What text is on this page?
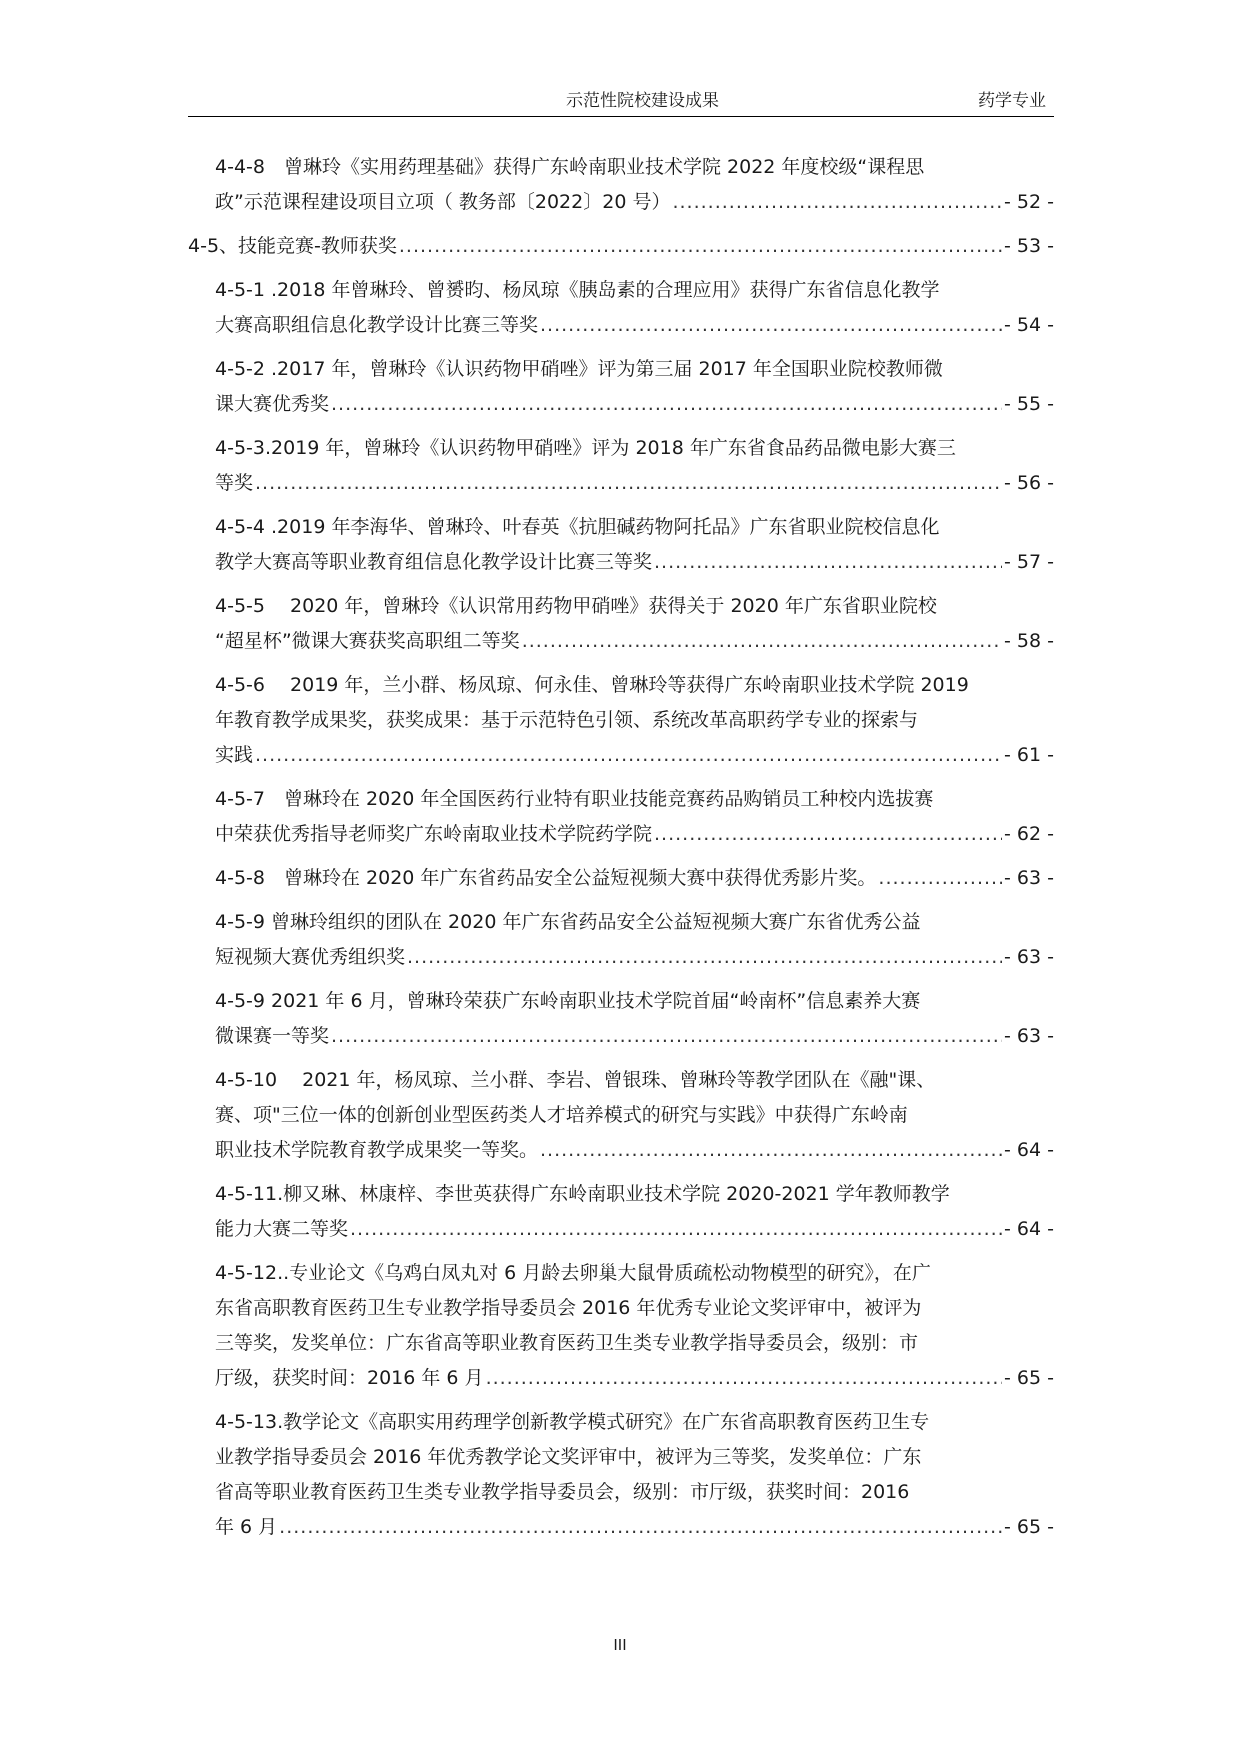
示范性院校建设成果	药学专业
4-4-8　曾琳玲《实用药理基础》获得广东岭南职业技术学院 2022 年度校级“课程思
政”示范课程建设项目立项（ 教务部〔2022〕20 号） .....	- 52 -
4-5、技能竞赛-教师获奖 .....	- 53 -
4-5-1 .2018 年曾琳玲、曾赟昀、杨凤琼《胰岛素的合理应用》获得广东省信息化教学
大赛高职组信息化教学设计比赛三等奖 .....	- 54 -
4-5-2 .2017 年，曾琳玲《认识药物甲硝唑》评为第三届 2017 年全国职业院校教师微
课大赛优秀奖 .....	- 55 -
4-5-3.2019 年，曾琳玲《认识药物甲硝唑》评为 2018 年广东省食品药品微电影大赛三
等奖 .....	- 56 -
4-5-4 .2019 年李海华、曾琳玲、叶春英《抗胆碱药物阿托品》广东省职业院校信息化
教学大赛高等职业教育组信息化教学设计比赛三等奖 .....	- 57 -
4-5-5　 2020 年，曾琳玲《认识常用药物甲硝唑》获得关于 2020 年广东省职业院校
“超星杯”微课大赛获奖高职组二等奖 .....	- 58 -
4-5-6　 2019 年，兰小群、杨凤琼、何永佳、曾琳玲等获得广东岭南职业技术学院 2019
年教育教学成果奖，获奖成果：基于示范特色引领、系统改革高职药学专业的探索与
实践 .....	- 61 -
4-5-7　曾琳玲在 2020 年全国医药行业特有职业技能竞赛药品购销员工种校内选拔赛
中荣获优秀指导老师奖广东岭南取业技术学院药学院 .....	- 62 -
4-5-8　曾琳玲在 2020 年广东省药品安全公益短视频大赛中获得优秀影片奖。 .....	- 63 -
4-5-9 曾琳玲组织的团队在 2020 年广东省药品安全公益短视频大赛广东省优秀公益
短视频大赛优秀组织奖 .....	- 63 -
4-5-9 2021 年 6 月，曾琳玲荣获广东岭南职业技术学院首届“岭南杯”信息素养大赛
微课赛一等奖 .....	- 63 -
4-5-10　 2021 年，杨凤琼、兰小群、李岩、曾银珠、曾琳玲等教学团队在《融"课、
赛、项"三位一体的创新创业型医药类人才培养模式的研究与实践》中获得广东岭南
职业技术学院教育教学成果奖一等奖。 .....	- 64 -
4-5-11.柳又琳、林康梓、李世英获得广东岭南职业技术学院 2020-2021 学年教师教学
能力大赛二等奖 .....	- 64 -
4-5-12..专业论文《乌鸡白凤丸对 6 月龄去卵巢大鼠骨质疏松动物模型的研究》，在广
东省高职教育医药卫生专业教学指导委员会 2016 年优秀专业论文奖评审中，被评为
三等奖，发奖单位：广东省高等职业教育医药卫生类专业教学指导委员会，级别：市
厅级，获奖时间：2016 年 6 月 .....	- 65 -
4-5-13.教学论文《高职实用药理学创新教学模式研究》在广东省高职教育医药卫生专
业教学指导委员会 2016 年优秀教学论文奖评审中，被评为三等奖，发奖单位：广东
省高等职业教育医药卫生类专业教学指导委员会，级别：市厅级，获奖时间：2016
年 6 月 .....	- 65 -
III
